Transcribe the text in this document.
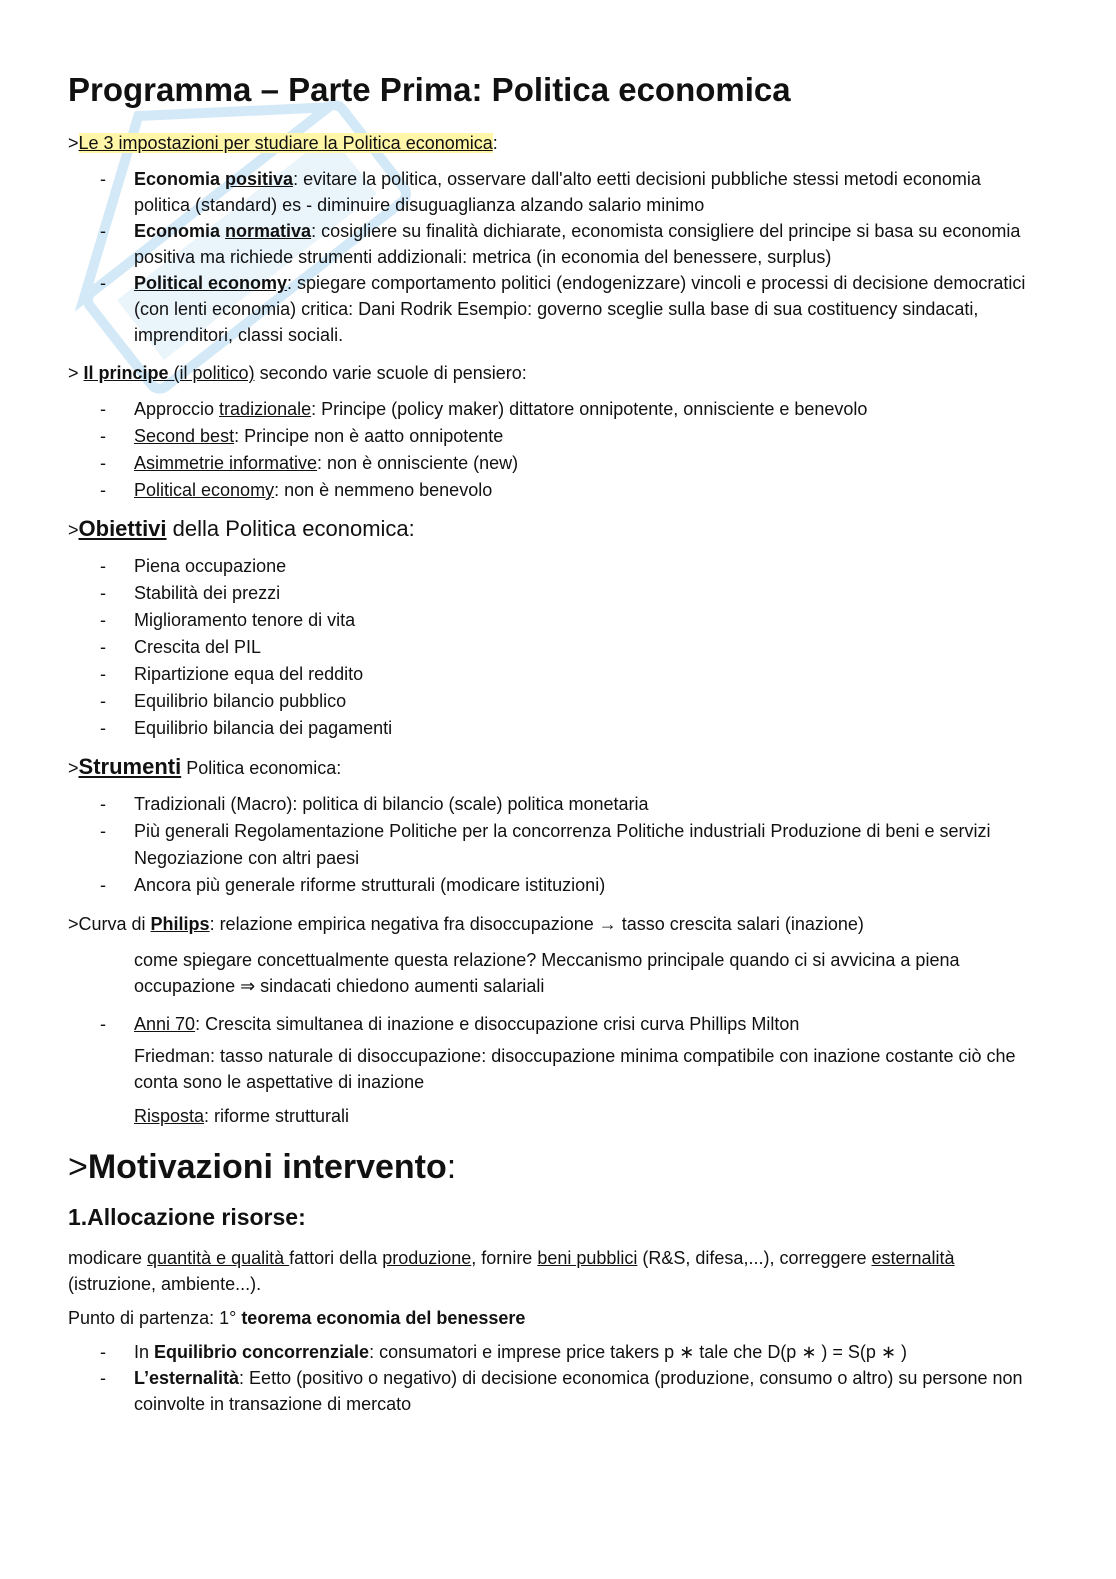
Programma – Parte Prima: Politica economica

>Le 3 impostazioni per studiare la Politica economica:

- Economia positiva: evitare la politica, osservare dall'alto eetti decisioni pubbliche stessi metodi economia politica (standard) es - diminuire disuguaglianza alzando salario minimo
- Economia normativa: cosigliere su finalità dichiarate, economista consigliere del principe si basa su economia positiva ma richiede strumenti addizionali: metrica (in economia del benessere, surplus)
- Political economy: spiegare comportamento politici (endogenizzare) vincoli e processi di decisione democratici (con lenti economia) critica: Dani Rodrik Esempio: governo sceglie sulla base di sua costituency sindacati, imprenditori, classi sociali.

> Il principe (il politico) secondo varie scuole di pensiero:

- Approccio tradizionale: Principe (policy maker) dittatore onnipotente, onnisciente e benevolo
- Second best: Principe non è aatto onnipotente
- Asimmetrie informative: non è onnisciente (new)
- Political economy: non è nemmeno benevolo

>Obiettivi della Politica economica:

- Piena occupazione
- Stabilità dei prezzi
- Miglioramento tenore di vita
- Crescita del PIL
- Ripartizione equa del reddito
- Equilibrio bilancio pubblico
- Equilibrio bilancia dei pagamenti

>Strumenti Politica economica:

- Tradizionali (Macro): politica di bilancio (scale) politica monetaria
- Più generali Regolamentazione Politiche per la concorrenza Politiche industriali Produzione di beni e servizi Negoziazione con altri paesi
- Ancora più generale riforme strutturali (modicare istituzioni)

>Curva di Philips: relazione empirica negativa fra disoccupazione → tasso crescita salari (inazione)

come spiegare concettualmente questa relazione? Meccanismo principale quando ci si avvicina a piena occupazione ⇒ sindacati chiedono aumenti salariali

- Anni 70: Crescita simultanea di inazione e disoccupazione crisi curva Phillips Milton

Friedman: tasso naturale di disoccupazione: disoccupazione minima compatibile con inazione costante ciò che conta sono le aspettative di inazione

Risposta: riforme strutturali

>Motivazioni intervento:
1.Allocazione risorse:

modicare quantità e qualità fattori della produzione, fornire beni pubblici (R&S, difesa,...), correggere esternalità (istruzione, ambiente...).

Punto di partenza: 1° teorema economia del benessere

- In Equilibrio concorrenziale: consumatori e imprese price takers p ∗ tale che D(p ∗ ) = S(p ∗ )
- L’esternalità: Eetto (positivo o negativo) di decisione economica (produzione, consumo o altro) su persone non coinvolte in transazione di mercato
